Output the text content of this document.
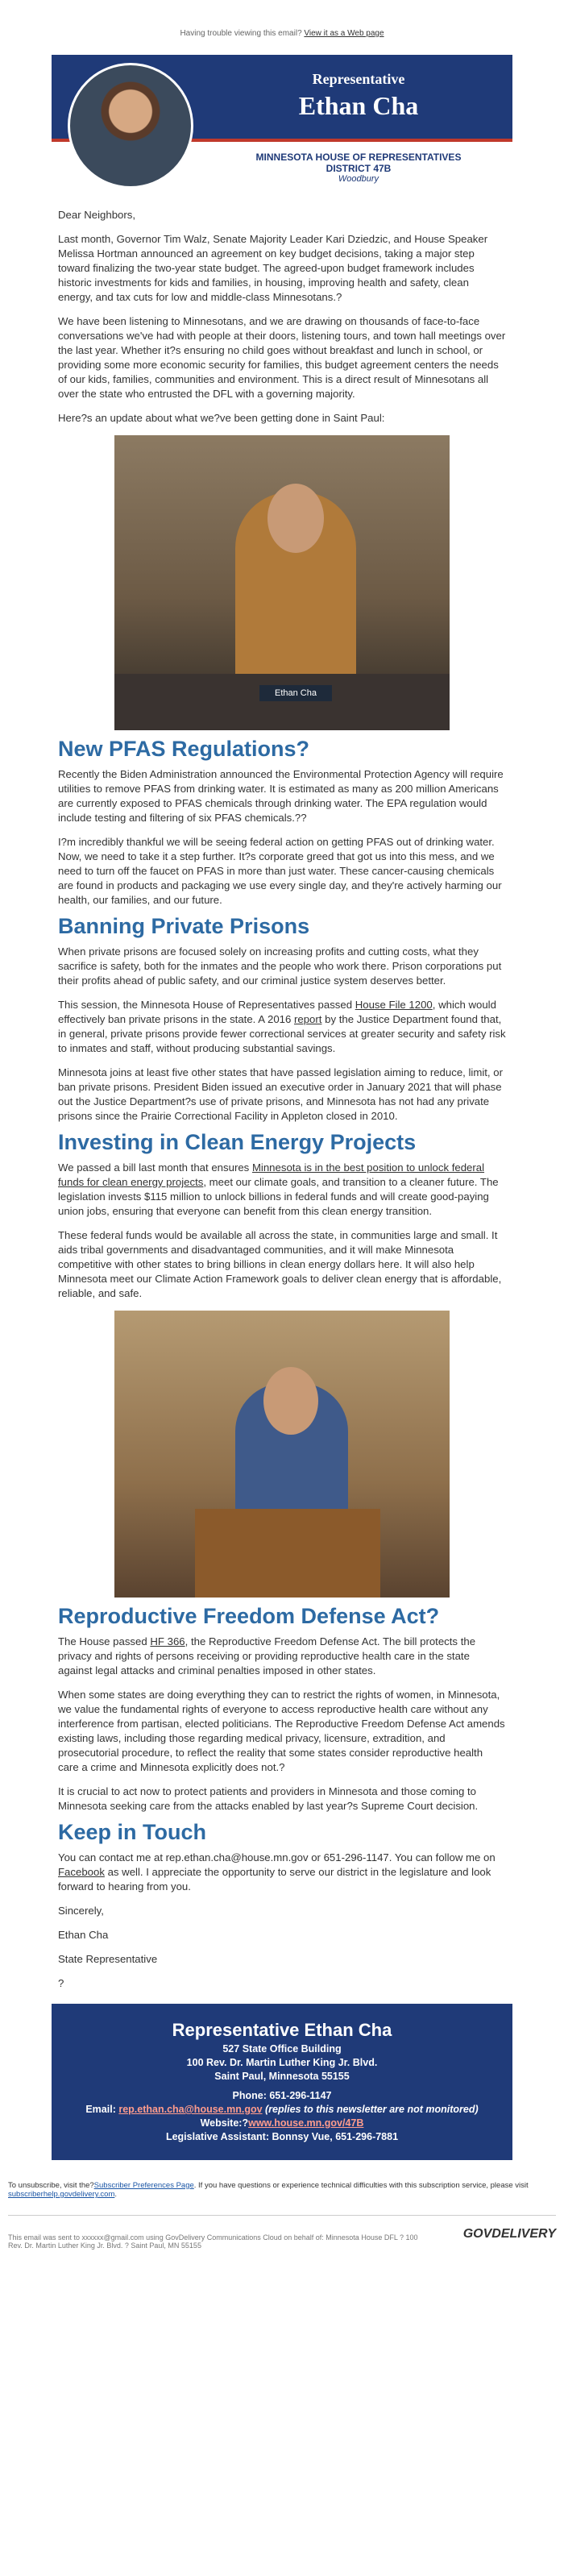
Having trouble viewing this email? View it as a Web page
Representative
Ethan Cha
MINNESOTA HOUSE OF REPRESENTATIVES
DISTRICT 47B
Woodbury

Dear Neighbors,

Last month, Governor Tim Walz, Senate Majority Leader Kari Dziedzic, and House Speaker Melissa Hortman announced an agreement on key budget decisions, taking a major step toward finalizing the two-year state budget. The agreed-upon budget framework includes historic investments for kids and families, in housing, improving health and safety, clean energy, and tax cuts for low and middle-class Minnesotans.?

We have been listening to Minnesotans, and we are drawing on thousands of face-to-face conversations we've had with people at their doors, listening tours, and town hall meetings over the last year. Whether it?s ensuring no child goes without breakfast and lunch in school, or providing some more economic security for families, this budget agreement centers the needs of our kids, families, communities and environment. This is a direct result of Minnesotans all over the state who entrusted the DFL with a governing majority.

Here?s an update about what we?ve been getting done in Saint Paul:

Ethan Cha
New PFAS Regulations?

Recently the Biden Administration announced the Environmental Protection Agency will require utilities to remove PFAS from drinking water. It is estimated as many as 200 million Americans are currently exposed to PFAS chemicals through drinking water. The EPA regulation would include testing and filtering of six PFAS chemicals.??

I?m incredibly thankful we will be seeing federal action on getting PFAS out of drinking water. Now, we need to take it a step further. It?s corporate greed that got us into this mess, and we need to turn off the faucet on PFAS in more than just water. These cancer-causing chemicals are found in products and packaging we use every single day, and they're actively harming our health, our families, and our future.

Banning Private Prisons

When private prisons are focused solely on increasing profits and cutting costs, what they sacrifice is safety, both for the inmates and the people who work there. Prison corporations put their profits ahead of public safety, and our criminal justice system deserves better.

This session, the Minnesota House of Representatives passed House File 1200, which would effectively ban private prisons in the state. A 2016 report by the Justice Department found that, in general, private prisons provide fewer correctional services at greater security and safety risk to inmates and staff, without producing substantial savings.

Minnesota joins at least five other states that have passed legislation aiming to reduce, limit, or ban private prisons. President Biden issued an executive order in January 2021 that will phase out the Justice Department?s use of private prisons, and Minnesota has not had any private prisons since the Prairie Correctional Facility in Appleton closed in 2010.

Investing in Clean Energy Projects

We passed a bill last month that ensures Minnesota is in the best position to unlock federal funds for clean energy projects, meet our climate goals, and transition to a cleaner future. The legislation invests $115 million to unlock billions in federal funds and will create good-paying union jobs, ensuring that everyone can benefit from this clean energy transition.

These federal funds would be available all across the state, in communities large and small. It aids tribal governments and disadvantaged communities, and it will make Minnesota competitive with other states to bring billions in clean energy dollars here. It will also help Minnesota meet our Climate Action Framework goals to deliver clean energy that is affordable, reliable, and safe.

Reproductive Freedom Defense Act?

The House passed HF 366, the Reproductive Freedom Defense Act. The bill protects the privacy and rights of persons receiving or providing reproductive health care in the state against legal attacks and criminal penalties imposed in other states.

When some states are doing everything they can to restrict the rights of women, in Minnesota, we value the fundamental rights of everyone to access reproductive health care without any interference from partisan, elected politicians. The Reproductive Freedom Defense Act amends existing laws, including those regarding medical privacy, licensure, extradition, and prosecutorial procedure, to reflect the reality that some states consider reproductive health care a crime and Minnesota explicitly does not.?

It is crucial to act now to protect patients and providers in Minnesota and those coming to Minnesota seeking care from the attacks enabled by last year?s Supreme Court decision.

Keep in Touch

You can contact me at rep.ethan.cha@house.mn.gov or 651-296-1147. You can follow me on Facebook as well. I appreciate the opportunity to serve our district in the legislature and look forward to hearing from you.

Sincerely,

Ethan Cha

State Representative

?

Representative Ethan Cha
527 State Office Building
100 Rev. Dr. Martin Luther King Jr. Blvd.
Saint Paul, Minnesota 55155
Phone: 651-296-1147
Email: rep.ethan.cha@house.mn.gov (replies to this newsletter are not monitored)
Website:?www.house.mn.gov/47B
Legislative Assistant: Bonnsy Vue, 651-296-7881
To unsubscribe, visit the?Subscriber Preferences Page. If you have questions or experience technical difficulties with this subscription service, please visit subscriberhelp.govdelivery.com.
This email was sent to xxxxxx@gmail.com using GovDelivery Communications Cloud on behalf of: Minnesota House DFL ? 100 Rev. Dr. Martin Luther King Jr. Blvd. ? Saint Paul, MN 55155
GOVDELIVERY
